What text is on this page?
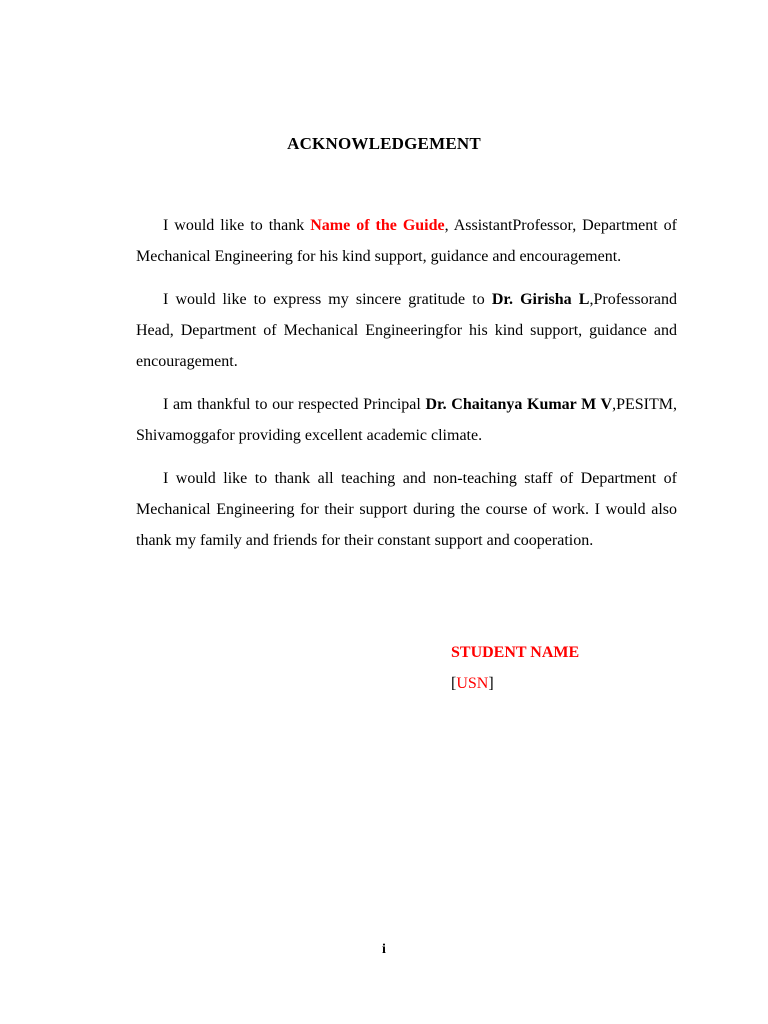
ACKNOWLEDGEMENT

I would like to thank Name of the Guide, AssistantProfessor, Department of Mechanical Engineering for his kind support, guidance and encouragement.

I would like to express my sincere gratitude to Dr. Girisha L,Professorand Head, Department of Mechanical Engineeringfor his kind support, guidance and encouragement.

I am thankful to our respected Principal Dr. Chaitanya Kumar M V,PESITM, Shivamoggafor providing excellent academic climate.

I would like to thank all teaching and non-teaching staff of Department of Mechanical Engineering for their support during the course of work. I would also thank my family and friends for their constant support and cooperation.

STUDENT NAME
[USN]
i
